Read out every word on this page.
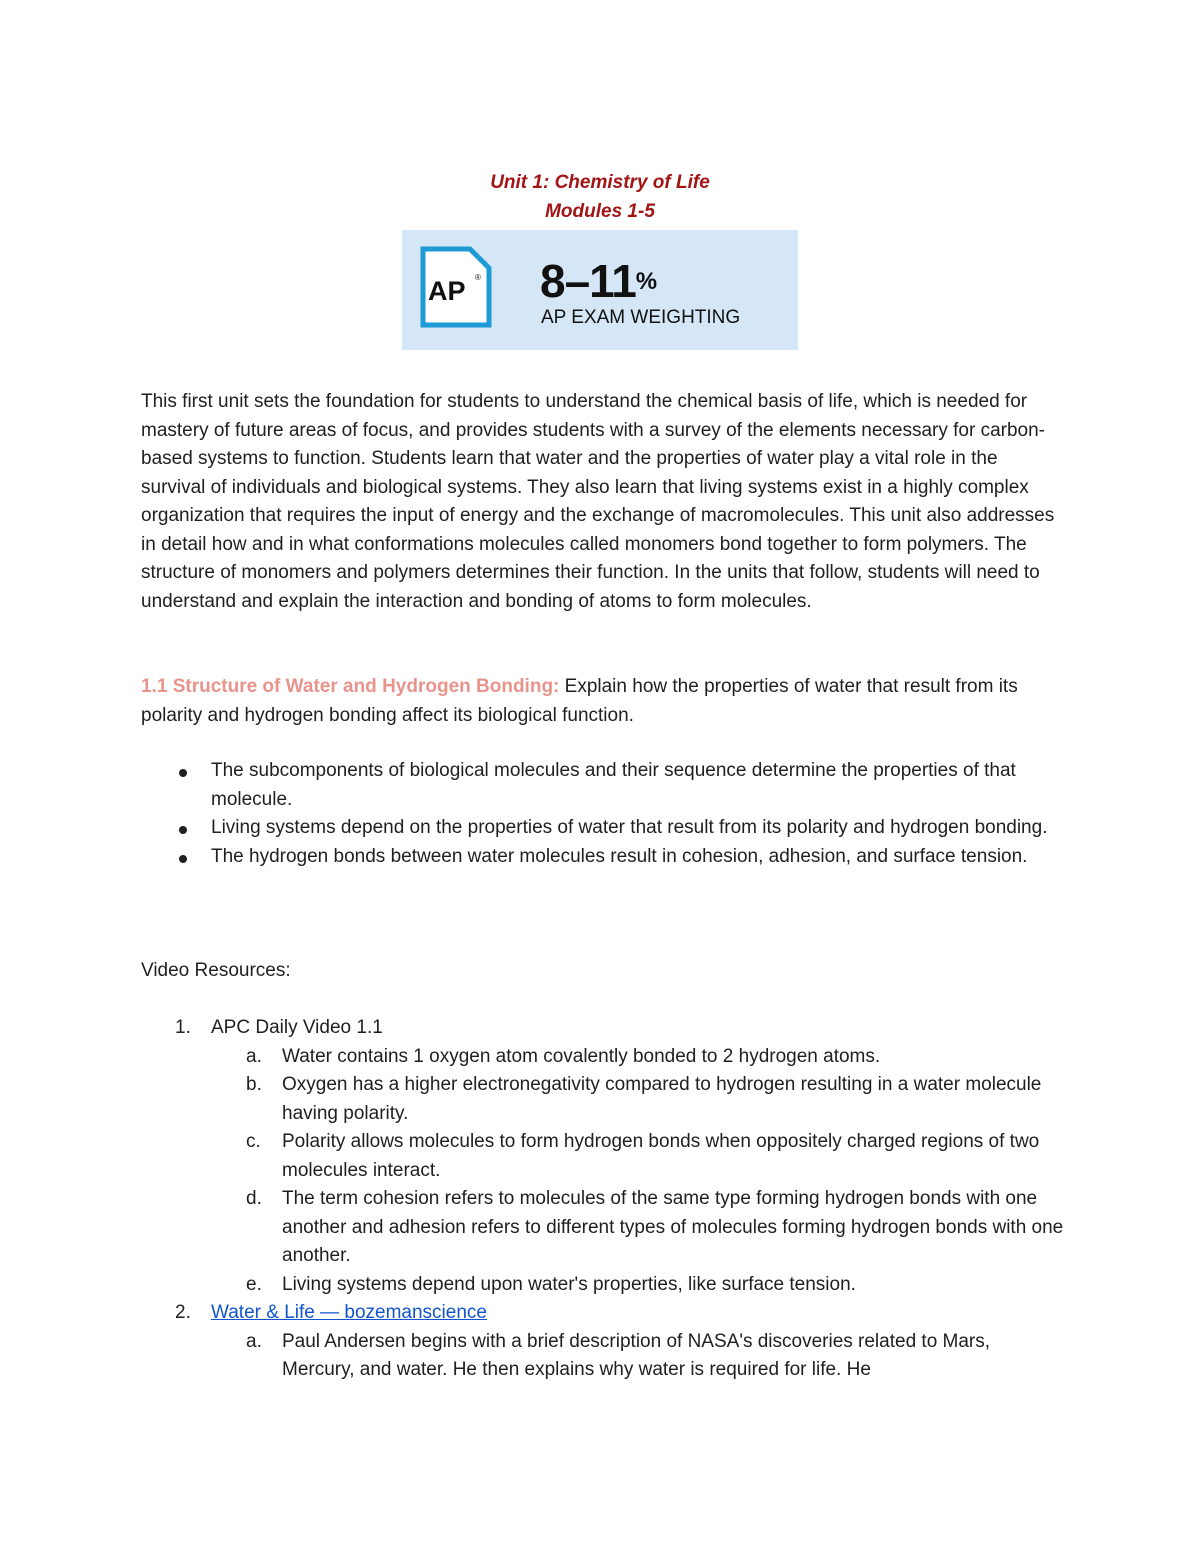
Unit 1: Chemistry of Life
Modules 1-5
AP ® 8–11%
AP EXAM WEIGHTING
This first unit sets the foundation for students to understand the chemical basis of life, which is needed for mastery of future areas of focus, and provides students with a survey of the elements necessary for carbon-based systems to function. Students learn that water and the properties of water play a vital role in the survival of individuals and biological systems. They also learn that living systems exist in a highly complex organization that requires the input of energy and the exchange of macromolecules. This unit also addresses in detail how and in what conformations molecules called monomers bond together to form polymers. The structure of monomers and polymers determines their function. In the units that follow, students will need to understand and explain the interaction and bonding of atoms to form molecules.
1.1 Structure of Water and Hydrogen Bonding: Explain how the properties of water that result from its polarity and hydrogen bonding affect its biological function.
The subcomponents of biological molecules and their sequence determine the properties of that molecule.
Living systems depend on the properties of water that result from its polarity and hydrogen bonding.
The hydrogen bonds between water molecules result in cohesion, adhesion, and surface tension.
Video Resources:
1. APC Daily Video 1.1
a. Water contains 1 oxygen atom covalently bonded to 2 hydrogen atoms.
b. Oxygen has a higher electronegativity compared to hydrogen resulting in a water molecule having polarity.
c. Polarity allows molecules to form hydrogen bonds when oppositely charged regions of two molecules interact.
d. The term cohesion refers to molecules of the same type forming hydrogen bonds with one another and adhesion refers to different types of molecules forming hydrogen bonds with one another.
e. Living systems depend upon water's properties, like surface tension.
2. Water & Life — bozemanscience
a. Paul Andersen begins with a brief description of NASA's discoveries related to Mars, Mercury, and water. He then explains why water is required for life. He
